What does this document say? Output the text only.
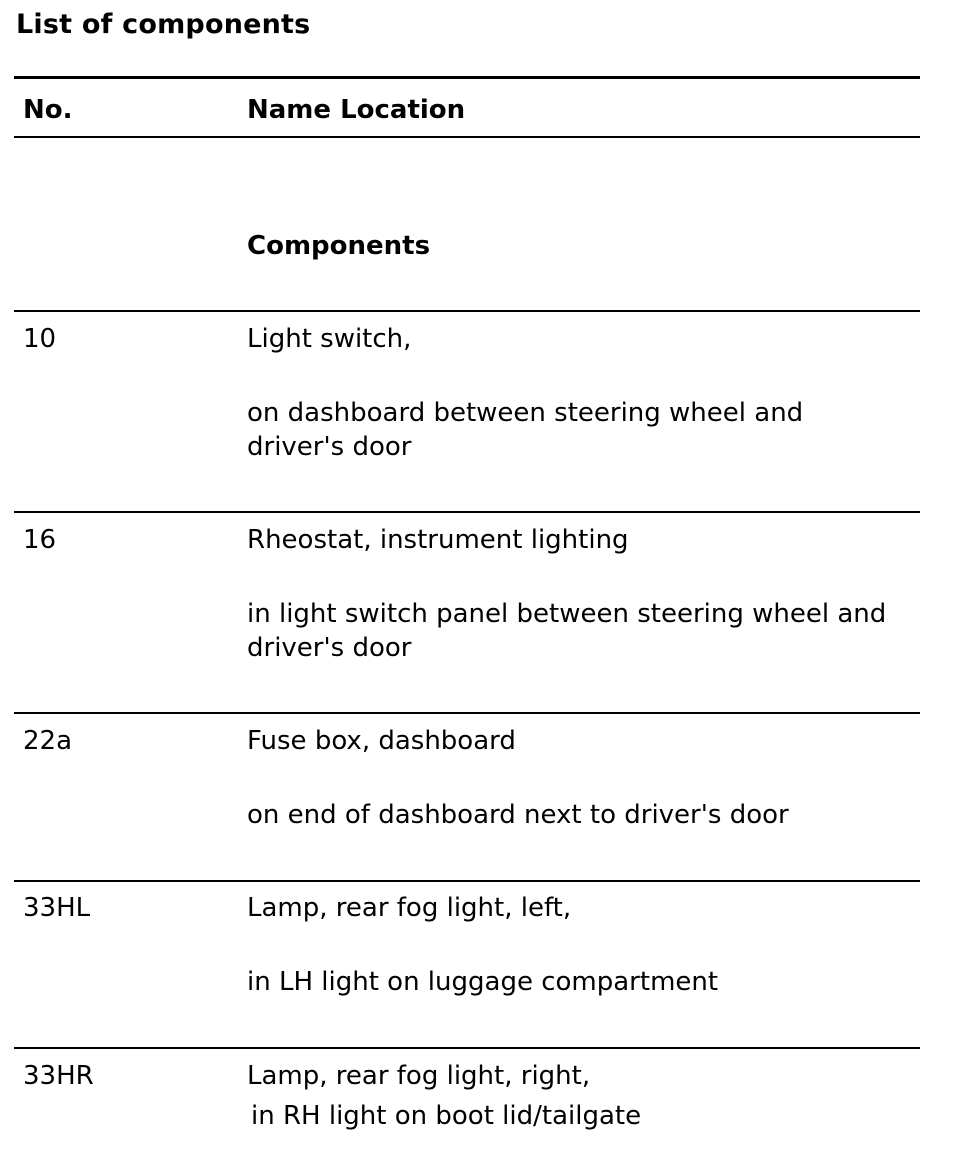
List of components
No.	Name Location
Components
10	Light switch,
on dashboard between steering wheel and driver's door
16	Rheostat, instrument lighting
in light switch panel between steering wheel and driver's door
22a	Fuse box, dashboard
on end of dashboard next to driver's door
33HL	Lamp, rear fog light, left,
in LH light on luggage compartment
33HR	Lamp, rear fog light, right,
in RH light on boot lid/tailgate
